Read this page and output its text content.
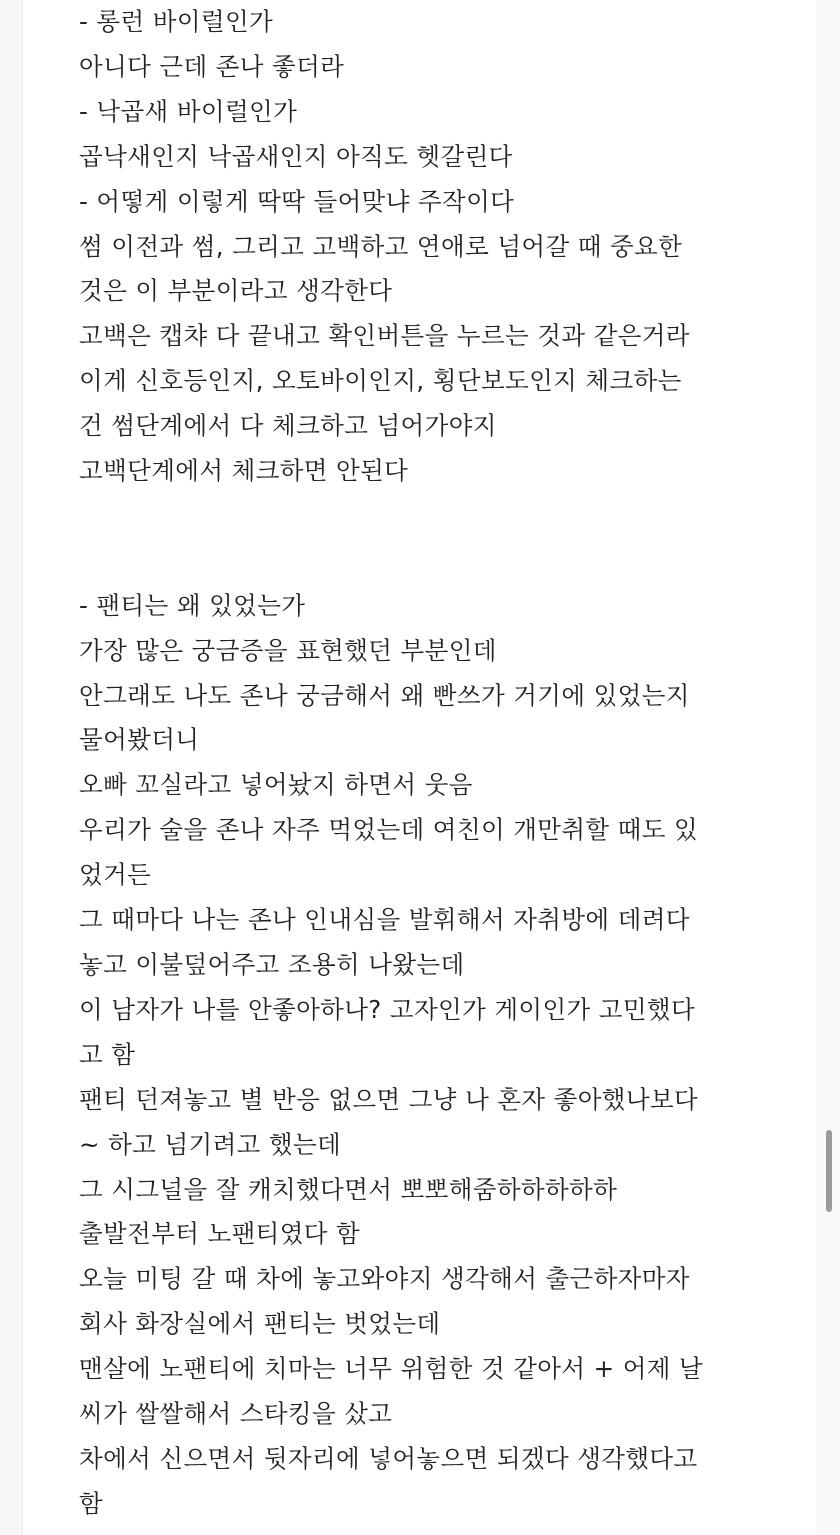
- 롱런 바이럴인가
아니다 근데 존나 좋더라
- 낙곱새 바이럴인가
곱낙새인지 낙곱새인지 아직도 헷갈린다
- 어떻게 이렇게 딱딱 들어맞냐 주작이다
썸 이전과 썸, 그리고 고백하고 연애로 넘어갈 때 중요한
것은 이 부분이라고 생각한다
고백은 캡챠 다 끝내고 확인버튼을 누르는 것과 같은거라
이게 신호등인지, 오토바이인지, 횡단보도인지 체크하는
건 썸단계에서 다 체크하고 넘어가야지
고백단계에서 체크하면 안된다
- 팬티는 왜 있었는가
가장 많은 궁금증을 표현했던 부분인데
안그래도 나도 존나 궁금해서 왜 빤쓰가 거기에 있었는지
물어봤더니
오빠 꼬실라고 넣어놨지 하면서 웃음
우리가 술을 존나 자주 먹었는데 여친이 개만취할 때도 있
었거든
그 때마다 나는 존나 인내심을 발휘해서 자취방에 데려다
놓고 이불덮어주고 조용히 나왔는데
이 남자가 나를 안좋아하나? 고자인가 게이인가 고민했다
고 함
팬티 던져놓고 별 반응 없으면 그냥 나 혼자 좋아했나보다
~ 하고 넘기려고 했는데
그 시그널을 잘 캐치했다면서 뽀뽀해줌하하하하하
출발전부터 노팬티였다 함
오늘 미팅 갈 때 차에 놓고와야지 생각해서 출근하자마자
회사 화장실에서 팬티는 벗었는데
맨살에 노팬티에 치마는 너무 위험한 것 같아서 + 어제 날
씨가 쌀쌀해서 스타킹을 샀고
차에서 신으면서 뒷자리에 넣어놓으면 되겠다 생각했다고
함
